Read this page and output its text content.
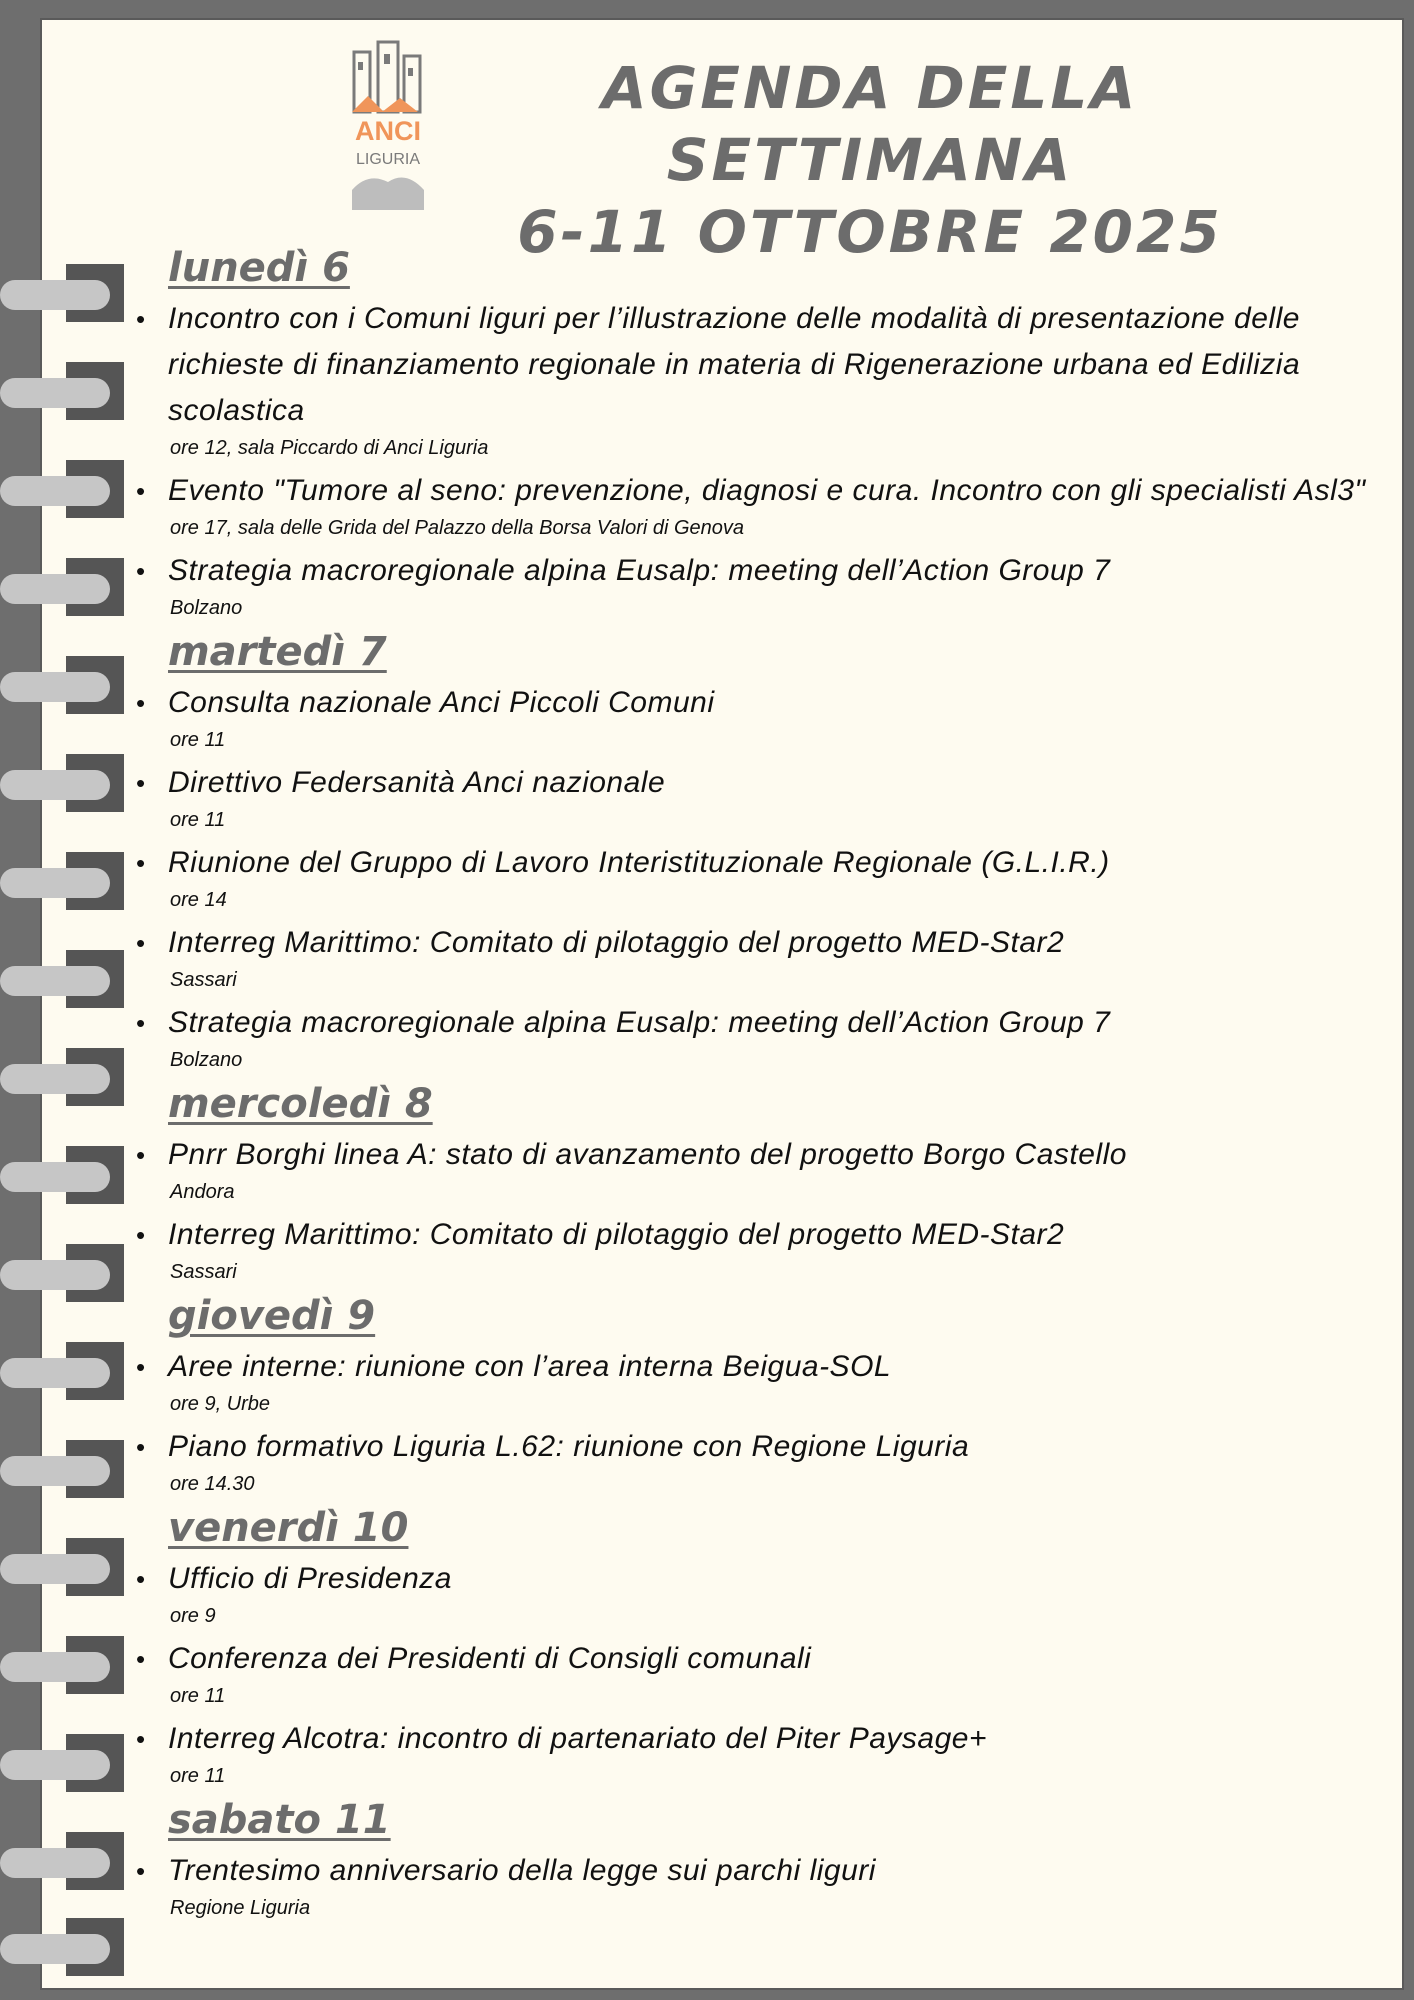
ANCI
LIGURIA
AGENDA DELLA SETTIMANA
6-11 OTTOBRE 2025
lunedì 6
• Incontro con i Comuni liguri per l’illustrazione delle modalità di presentazione delle richieste di finanziamento regionale in materia di Rigenerazione urbana ed Edilizia scolastica
ore 12, sala Piccardo di Anci Liguria
• Evento "Tumore al seno: prevenzione, diagnosi e cura. Incontro con gli specialisti Asl3"
ore 17, sala delle Grida del Palazzo della Borsa Valori di Genova
• Strategia macroregionale alpina Eusalp: meeting dell’Action Group 7
Bolzano
martedì 7
• Consulta nazionale Anci Piccoli Comuni
ore 11
• Direttivo Federsanità Anci nazionale
ore 11
• Riunione del Gruppo di Lavoro Interistituzionale Regionale (G.L.I.R.)
ore 14
• Interreg Marittimo: Comitato di pilotaggio del progetto MED-Star2
Sassari
• Strategia macroregionale alpina Eusalp: meeting dell’Action Group 7
Bolzano
mercoledì 8
• Pnrr Borghi linea A: stato di avanzamento del progetto Borgo Castello
Andora
• Interreg Marittimo: Comitato di pilotaggio del progetto MED-Star2
Sassari
giovedì 9
• Aree interne: riunione con l’area interna Beigua-SOL
ore 9, Urbe
• Piano formativo Liguria L.62: riunione con Regione Liguria
ore 14.30
venerdì 10
• Ufficio di Presidenza
ore 9
• Conferenza dei Presidenti di Consigli comunali
ore 11
• Interreg Alcotra: incontro di partenariato del Piter Paysage+
ore 11
sabato 11
• Trentesimo anniversario della legge sui parchi liguri
Regione Liguria
